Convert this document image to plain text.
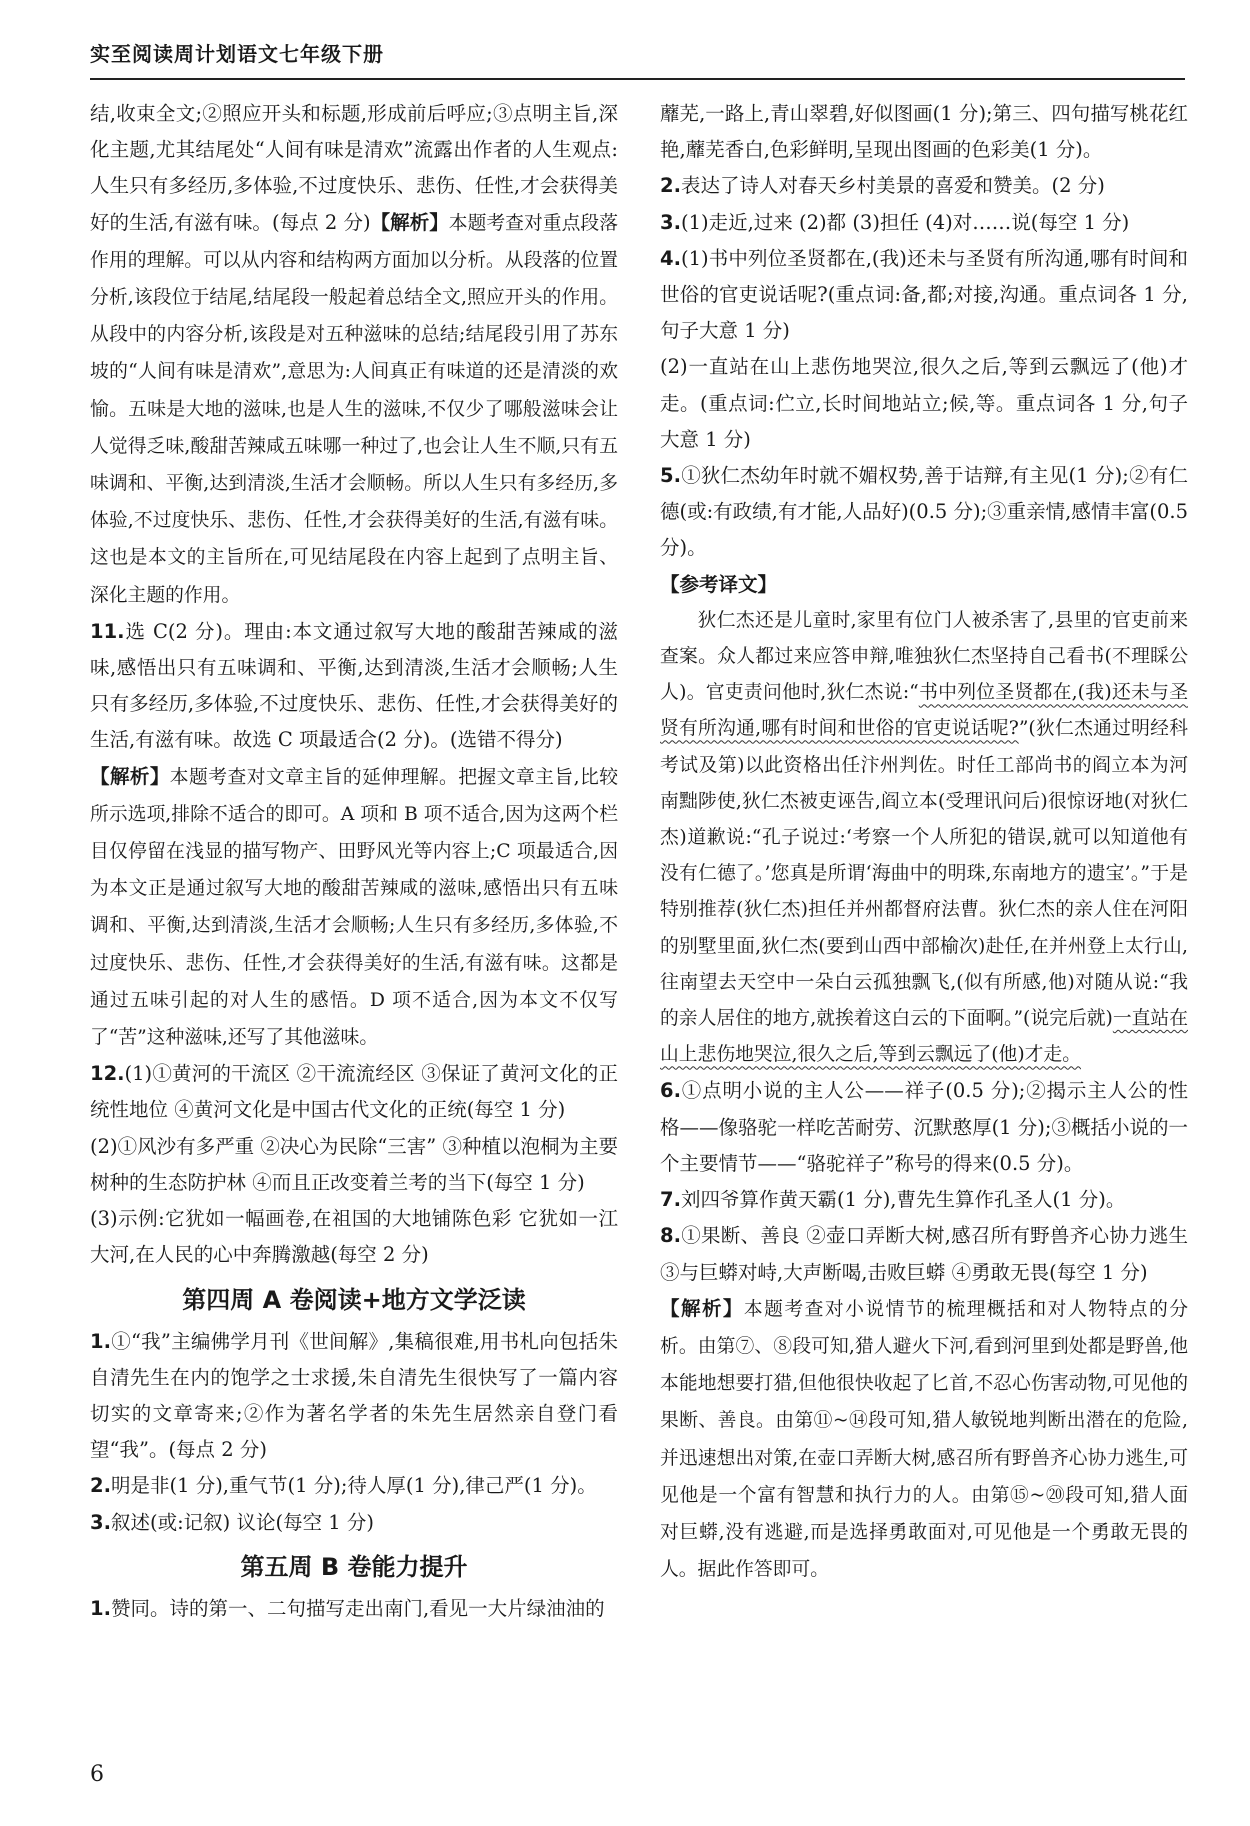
实至阅读周计划语文七年级下册

结,收束全文;②照应开头和标题,形成前后呼应;③点明主旨,深化主题,尤其结尾处“人间有味是清欢”流露出作者的人生观点:人生只有多经历,多体验,不过度快乐、悲伤、任性,才会获得美好的生活,有滋有味。(每点 2 分)【解析】本题考查对重点段落作用的理解。可以从内容和结构两方面加以分析。从段落的位置分析,该段位于结尾,结尾段一般起着总结全文,照应开头的作用。从段中的内容分析,该段是对五种滋味的总结;结尾段引用了苏东坡的“人间有味是清欢”,意思为:人间真正有味道的还是清淡的欢愉。五味是大地的滋味,也是人生的滋味,不仅少了哪般滋味会让人觉得乏味,酸甜苦辣咸五味哪一种过了,也会让人生不顺,只有五味调和、平衡,达到清淡,生活才会顺畅。所以人生只有多经历,多体验,不过度快乐、悲伤、任性,才会获得美好的生活,有滋有味。这也是本文的主旨所在,可见结尾段在内容上起到了点明主旨、深化主题的作用。

11.选 C(2 分)。理由:本文通过叙写大地的酸甜苦辣咸的滋味,感悟出只有五味调和、平衡,达到清淡,生活才会顺畅;人生只有多经历,多体验,不过度快乐、悲伤、任性,才会获得美好的生活,有滋有味。故选 C 项最适合(2 分)。(选错不得分)

【解析】本题考查对文章主旨的延伸理解。把握文章主旨,比较所示选项,排除不适合的即可。A 项和 B 项不适合,因为这两个栏目仅停留在浅显的描写物产、田野风光等内容上;C 项最适合,因为本文正是通过叙写大地的酸甜苦辣咸的滋味,感悟出只有五味调和、平衡,达到清淡,生活才会顺畅;人生只有多经历,多体验,不过度快乐、悲伤、任性,才会获得美好的生活,有滋有味。这都是通过五味引起的对人生的感悟。D 项不适合,因为本文不仅写了“苦”这种滋味,还写了其他滋味。

12.(1)①黄河的干流区 ②干流流经区 ③保证了黄河文化的正统性地位 ④黄河文化是中国古代文化的正统(每空 1 分)

(2)①风沙有多严重 ②决心为民除“三害” ③种植以泡桐为主要树种的生态防护林 ④而且正改变着兰考的当下(每空 1 分)

(3)示例:它犹如一幅画卷,在祖国的大地铺陈色彩 它犹如一江大河,在人民的心中奔腾激越(每空 2 分)

第四周 A 卷阅读+地方文学泛读

1.①“我”主编佛学月刊《世间解》,集稿很难,用书札向包括朱自清先生在内的饱学之士求援,朱自清先生很快写了一篇内容切实的文章寄来;②作为著名学者的朱先生居然亲自登门看望“我”。(每点 2 分)

2.明是非(1 分),重气节(1 分);待人厚(1 分),律己严(1 分)。

3.叙述(或:记叙) 议论(每空 1 分)

第五周 B 卷能力提升

1.赞同。诗的第一、二句描写走出南门,看见一大片绿油油的

蘼芜,一路上,青山翠碧,好似图画(1 分);第三、四句描写桃花红艳,蘼芜香白,色彩鲜明,呈现出图画的色彩美(1 分)。

2.表达了诗人对春天乡村美景的喜爱和赞美。(2 分)

3.(1)走近,过来 (2)都 (3)担任 (4)对……说(每空 1 分)

4.(1)书中列位圣贤都在,(我)还未与圣贤有所沟通,哪有时间和世俗的官吏说话呢?(重点词:备,都;对接,沟通。重点词各 1 分,句子大意 1 分)

(2)一直站在山上悲伤地哭泣,很久之后,等到云飘远了(他)才走。(重点词:伫立,长时间地站立;候,等。重点词各 1 分,句子大意 1 分)

5.①狄仁杰幼年时就不媚权势,善于诘辩,有主见(1 分);②有仁德(或:有政绩,有才能,人品好)(0.5 分);③重亲情,感情丰富(0.5 分)。

【参考译文】

狄仁杰还是儿童时,家里有位门人被杀害了,县里的官吏前来查案。众人都过来应答申辩,唯独狄仁杰坚持自己看书(不理睬公人)。官吏责问他时,狄仁杰说:“书中列位圣贤都在,(我)还未与圣贤有所沟通,哪有时间和世俗的官吏说话呢?”(狄仁杰通过明经科考试及第)以此资格出任汴州判佐。时任工部尚书的阎立本为河南黜陟使,狄仁杰被吏诬告,阎立本(受理讯问后)很惊讶地(对狄仁杰)道歉说:“孔子说过:‘考察一个人所犯的错误,就可以知道他有没有仁德了。’您真是所谓‘海曲中的明珠,东南地方的遗宝’。”于是特别推荐(狄仁杰)担任并州都督府法曹。狄仁杰的亲人住在河阳的别墅里面,狄仁杰(要到山西中部榆次)赴任,在并州登上太行山,往南望去天空中一朵白云孤独飘飞,(似有所感,他)对随从说:“我的亲人居住的地方,就挨着这白云的下面啊。”(说完后就)一直站在山上悲伤地哭泣,很久之后,等到云飘远了(他)才走。

6.①点明小说的主人公——祥子(0.5 分);②揭示主人公的性格——像骆驼一样吃苦耐劳、沉默憨厚(1 分);③概括小说的一个主要情节——“骆驼祥子”称号的得来(0.5 分)。

7.刘四爷算作黄天霸(1 分),曹先生算作孔圣人(1 分)。

8.①果断、善良 ②壶口弄断大树,感召所有野兽齐心协力逃生 ③与巨蟒对峙,大声断喝,击败巨蟒 ④勇敢无畏(每空 1 分)

【解析】本题考查对小说情节的梳理概括和对人物特点的分析。由第⑦、⑧段可知,猎人避火下河,看到河里到处都是野兽,他本能地想要打猎,但他很快收起了匕首,不忍心伤害动物,可见他的果断、善良。由第⑪~⑭段可知,猎人敏锐地判断出潜在的危险,并迅速想出对策,在壶口弄断大树,感召所有野兽齐心协力逃生,可见他是一个富有智慧和执行力的人。由第⑮~⑳段可知,猎人面对巨蟒,没有逃避,而是选择勇敢面对,可见他是一个勇敢无畏的人。据此作答即可。

6
